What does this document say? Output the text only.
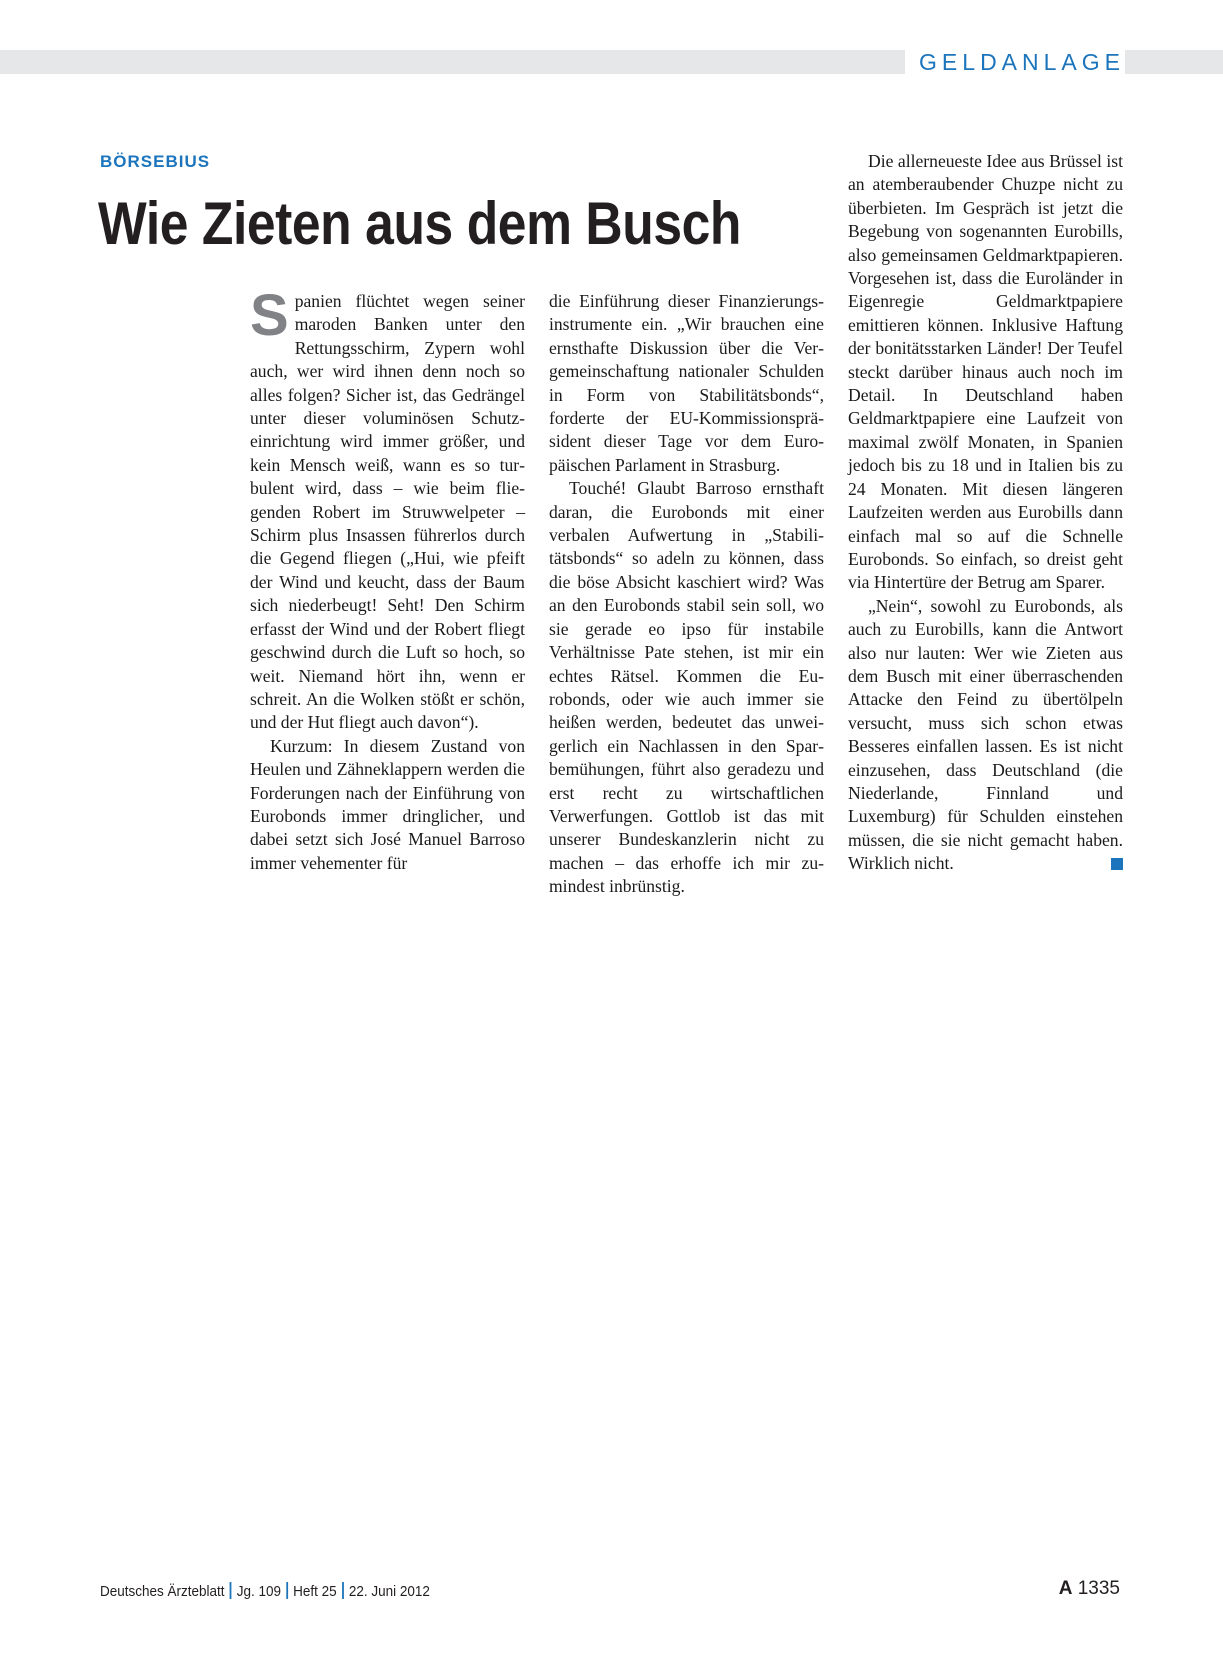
GELDANLAGE
BÖRSEBIUS
Wie Zieten aus dem Busch

Spanien flüchtet wegen seiner maroden Banken unter den Rettungsschirm, Zypern wohl auch, wer wird ihnen denn noch so alles folgen? Sicher ist, das Gedrängel unter dieser voluminösen Schutzeinrichtung wird immer größer, und kein Mensch weiß, wann es so turbulent wird, dass – wie beim fliegenden Robert im Struwwelpeter – Schirm plus Insassen führerlos durch die Gegend fliegen („Hui, wie pfeift der Wind und keucht, dass der Baum sich niederbeugt! Seht! Den Schirm erfasst der Wind und der Robert fliegt geschwind durch die Luft so hoch, so weit. Niemand hört ihn, wenn er schreit. An die Wolken stößt er schön, und der Hut fliegt auch davon“).

Kurzum: In diesem Zustand von Heulen und Zähneklappern werden die Forderungen nach der Einführung von Eurobonds immer dringlicher, und dabei setzt sich José Manuel Barroso immer vehementer für

die Einführung dieser Finanzierungsinstrumente ein. „Wir brauchen eine ernsthafte Diskussion über die Vergemeinschaftung nationaler Schulden in Form von Stabilitätsbonds“, forderte der EU-Kommissionspräsident dieser Tage vor dem Europäischen Parlament in Strasburg.

Touché! Glaubt Barroso ernsthaft daran, die Eurobonds mit einer verbalen Aufwertung in „Stabilitätsbonds“ so adeln zu können, dass die böse Absicht kaschiert wird? Was an den Eurobonds stabil sein soll, wo sie gerade eo ipso für instabile Verhältnisse Pate stehen, ist mir ein echtes Rätsel. Kommen die Eurobonds, oder wie auch immer sie heißen werden, bedeutet das unweigerlich ein Nachlassen in den Sparbemühungen, führt also geradezu und erst recht zu wirtschaftlichen Verwerfungen. Gottlob ist das mit unserer Bundeskanzlerin nicht zu machen – das erhoffe ich mir zumindest inbrünstig.

Die allerneueste Idee aus Brüssel ist an atemberaubender Chuzpe nicht zu überbieten. Im Gespräch ist jetzt die Begebung von sogenannten Eurobills, also gemeinsamen Geldmarktpapieren. Vorgesehen ist, dass die Euroländer in Eigenregie Geldmarktpapiere emittieren können. Inklusive Haftung der bonitätsstarken Länder! Der Teufel steckt darüber hinaus auch noch im Detail. In Deutschland haben Geldmarktpapiere eine Laufzeit von maximal zwölf Monaten, in Spanien jedoch bis zu 18 und in Italien bis zu 24 Monaten. Mit diesen längeren Laufzeiten werden aus Eurobills dann einfach mal so auf die Schnelle Eurobonds. So einfach, so dreist geht via Hintertüre der Betrug am Sparer.

„Nein“, sowohl zu Eurobonds, als auch zu Eurobills, kann die Antwort also nur lauten: Wer wie Zieten aus dem Busch mit einer überraschenden Attacke den Feind zu übertölpeln versucht, muss sich schon etwas Besseres einfallen lassen. Es ist nicht einzusehen, dass Deutschland (die Niederlande, Finnland und Luxemburg) für Schulden einstehen müssen, die sie nicht gemacht haben. Wirklich nicht.

Deutsches Ärzteblatt Jg. 109 Heft 25 22. Juni 2012	A 1335
